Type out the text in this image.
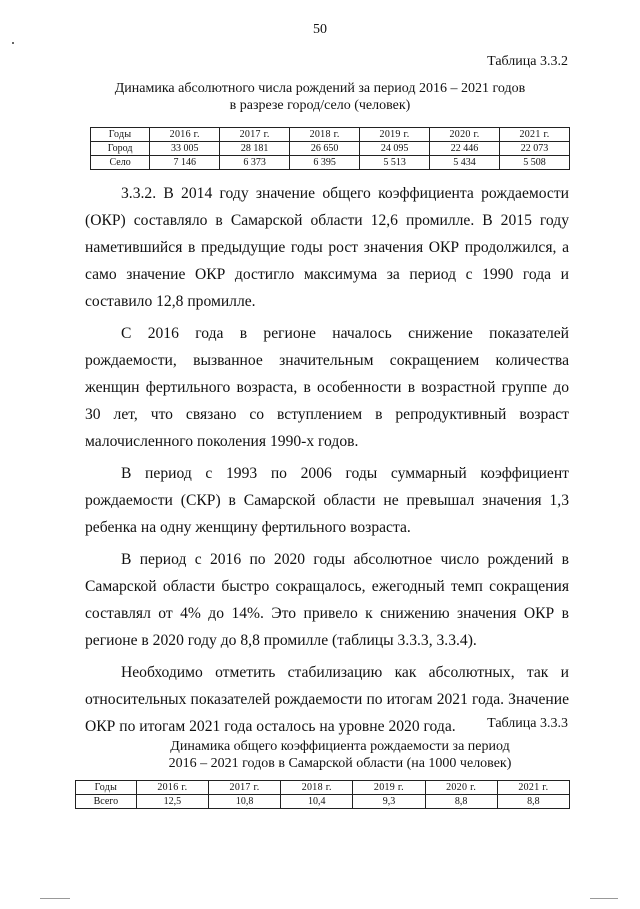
50
Таблица 3.3.2
Динамика абсолютного числа рождений за период 2016 – 2021 годов
в разрезе город/село (человек)
Годы	2016 г.	2017 г.	2018 г.	2019 г.	2020 г.	2021 г.
Город	33 005	28 181	26 650	24 095	22 446	22 073
Село	7 146	6 373	6 395	5 513	5 434	5 508

3.3.2. В 2014 году значение общего коэффициента рождаемости (ОКР) составляло в Самарской области 12,6 промилле. В 2015 году наметившийся в предыдущие годы рост значения ОКР продолжился, а само значение ОКР достигло максимума за период с 1990 года и составило 12,8 промилле.

С 2016 года в регионе началось снижение показателей рождаемости, вызванное значительным сокращением количества женщин фертильного возраста, в особенности в возрастной группе до 30 лет, что связано со вступлением в репродуктивный возраст малочисленного поколения 1990-х годов.

В период с 1993 по 2006 годы суммарный коэффициент рождаемости (СКР) в Самарской области не превышал значения 1,3 ребенка на одну женщину фертильного возраста.

В период с 2016 по 2020 годы абсолютное число рождений в Самарской области быстро сокращалось, ежегодный темп сокращения составлял от 4% до 14%. Это привело к снижению значения ОКР в регионе в 2020 году до 8,8 промилле (таблицы 3.3.3, 3.3.4).

Необходимо отметить стабилизацию как абсолютных, так и относительных показателей рождаемости по итогам 2021 года. Значение ОКР по итогам 2021 года осталось на уровне 2020 года.	Таблица 3.3.3
Динамика общего коэффициента рождаемости за период
2016 – 2021 годов в Самарской области (на 1000 человек)
Годы	2016 г.	2017 г.	2018 г.	2019 г.	2020 г.	2021 г.
Всего	12,5	10,8	10,4	9,3	8,8	8,8
